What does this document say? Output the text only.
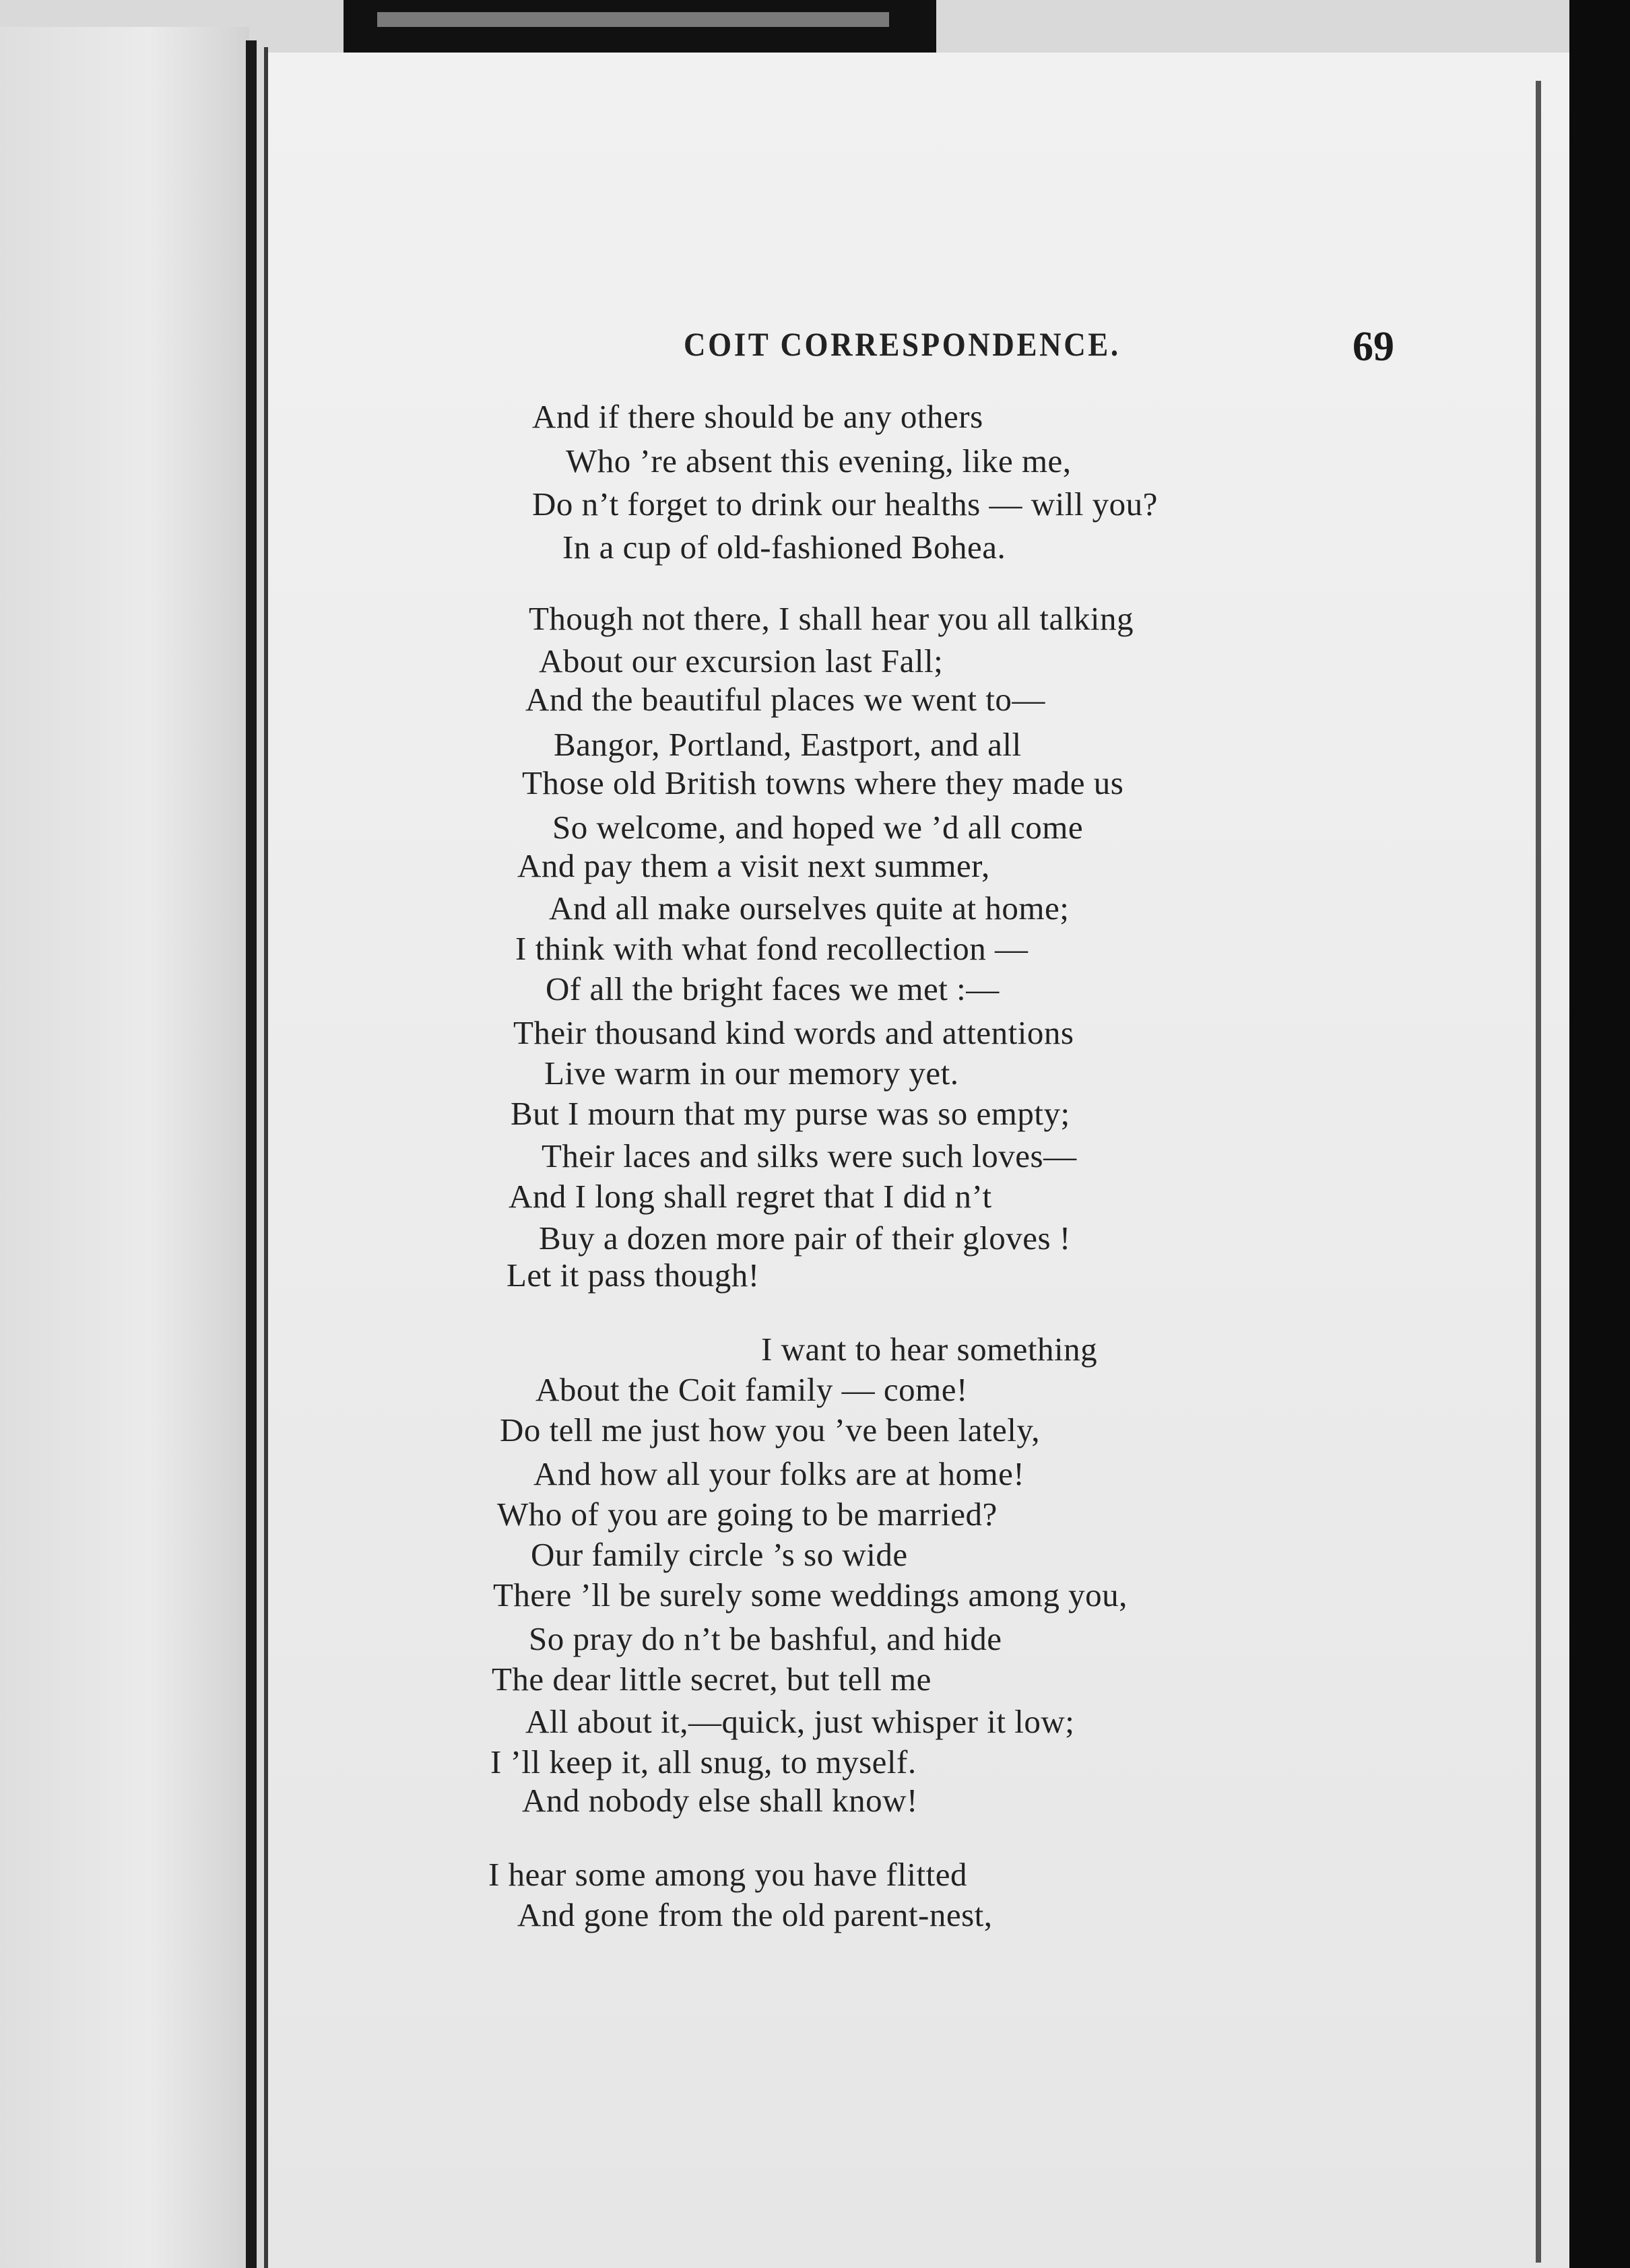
COIT CORRESPONDENCE.	69
And if there should be any others
Who ’re absent this evening, like me,
Do n’t forget to drink our healths — will you?
In a cup of old-fashioned Bohea.
Though not there, I shall hear you all talking
About our excursion last Fall;
And the beautiful places we went to—
Bangor, Portland, Eastport, and all
Those old British towns where they made us
So welcome, and hoped we ’d all come
And pay them a visit next summer,
And all make ourselves quite at home;
I think with what fond recollection —
Of all the bright faces we met :—
Their thousand kind words and attentions
Live warm in our memory yet.
But I mourn that my purse was so empty;
Their laces and silks were such loves—
And I long shall regret that I did n’t
Buy a dozen more pair of their gloves !
Let it pass though!
I want to hear something
About the Coit family — come!
Do tell me just how you ’ve been lately,
And how all your folks are at home!
Who of you are going to be married?
Our family circle ’s so wide
There ’ll be surely some weddings among you,
So pray do n’t be bashful, and hide
The dear little secret, but tell me
All about it,—quick, just whisper it low;
I ’ll keep it, all snug, to myself.
And nobody else shall know!
I hear some among you have flitted
And gone from the old parent-nest,
